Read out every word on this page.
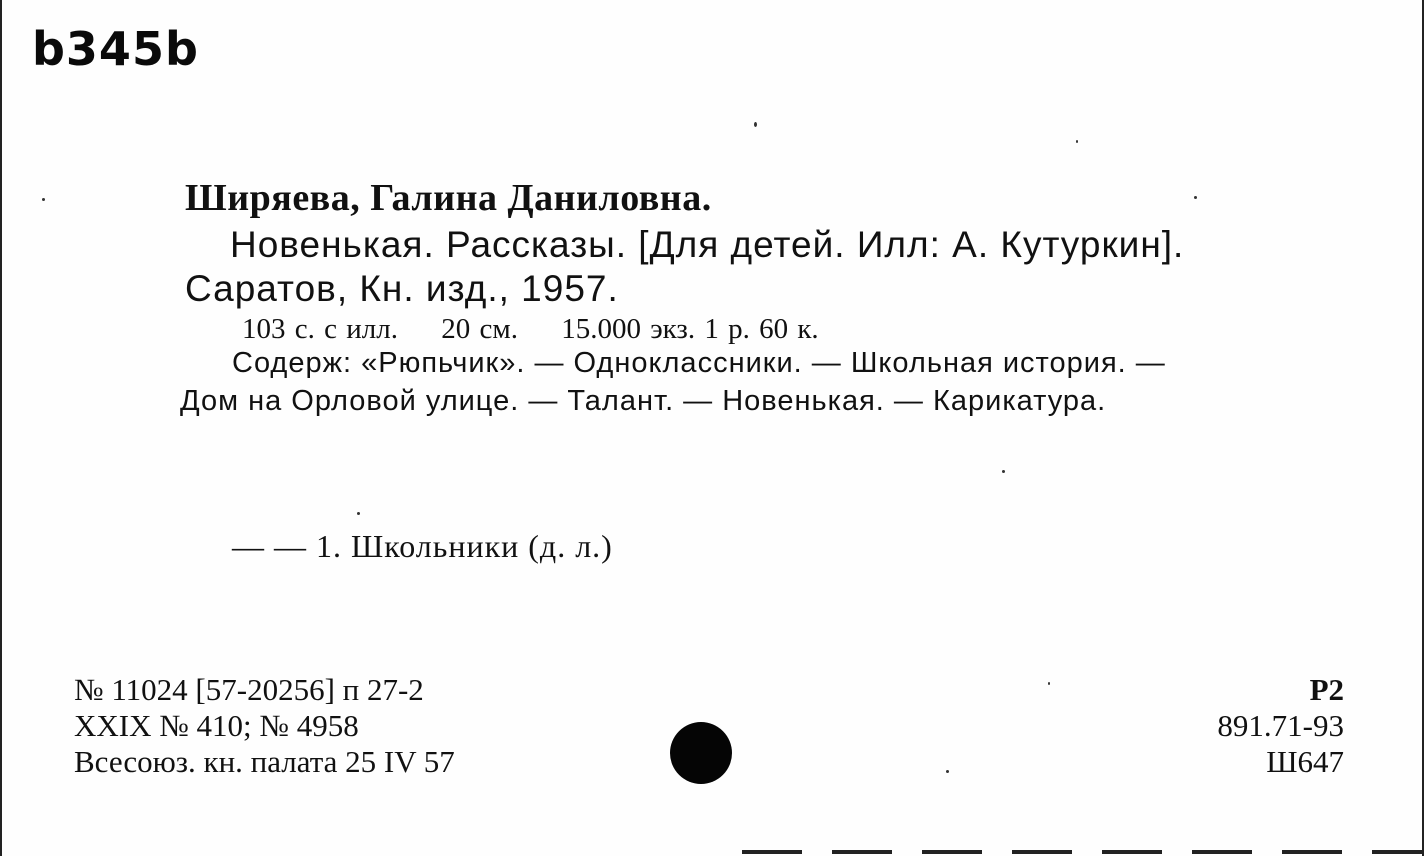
b345b
Ширяева, Галина Даниловна.
Новенькая. Рассказы. [Для детей. Илл: А. Кутуркин].
Саратов, Кн. изд., 1957.
103 с. с илл. 20 см. 15.000 экз. 1 р. 60 к.
Содерж: «Рюпьчик». — Одноклассники. — Школьная история. —
Дом на Орловой улице. — Талант. — Новенькая. — Карикатура.
— — 1. Школьники (д. л.)
№ 11024 [57-20256] п 27-2
XXIX № 410; № 4958
Всесоюз. кн. палата 25 IV 57
Р2
891.71-93
Ш647
